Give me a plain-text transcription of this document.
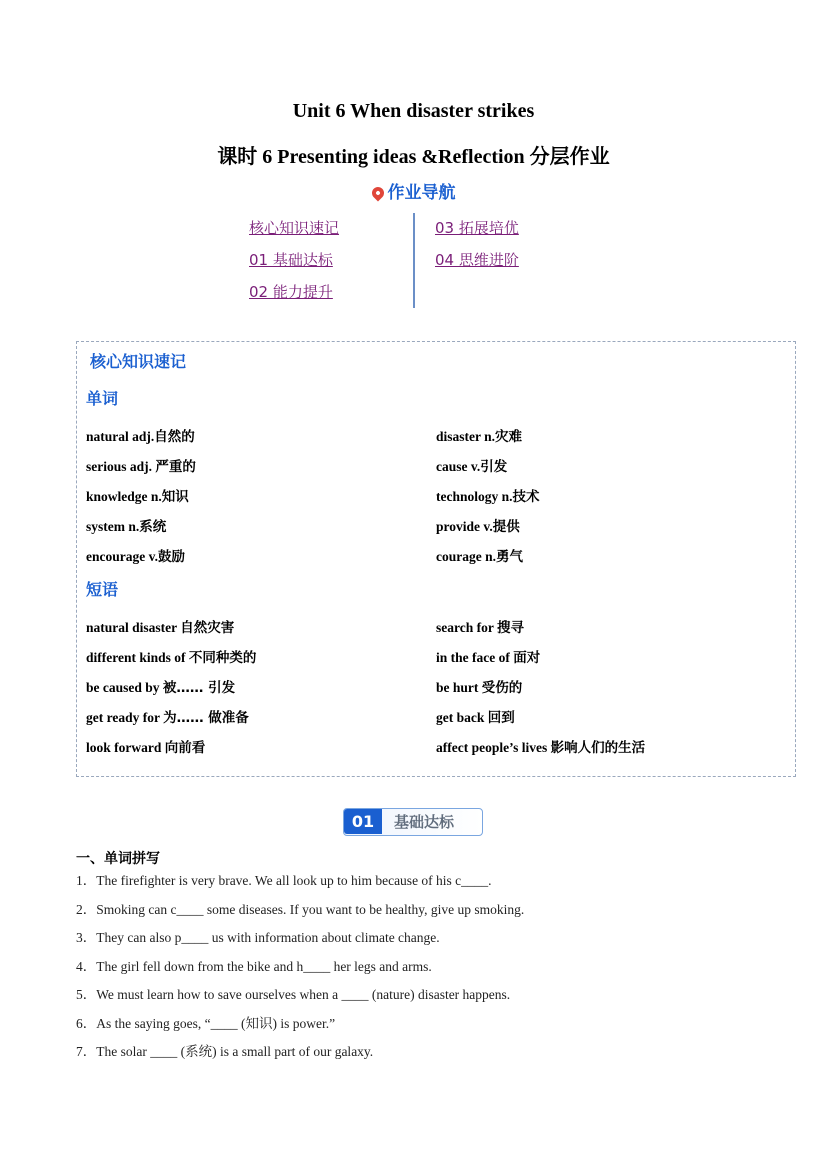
Unit 6 When disaster strikes
课时 6 Presenting ideas &Reflection 分层作业
作业导航
核心知识速记
01 基础达标
02 能力提升
03 拓展培优
04 思维进阶
核心知识速记
单词
natural adj.自然的	disaster n.灾难
serious adj. 严重的	cause v.引发
knowledge n.知识	technology n.技术
system n.系统	provide v.提供
encourage v.鼓励	courage n.勇气
短语
natural disaster 自然灾害	search for 搜寻
different kinds of 不同种类的	in the face of 面对
be caused by 被…… 引发	be hurt 受伤的
get ready for 为…… 做准备	get back 回到
look forward 向前看	affect people’s lives 影响人们的生活
01	基础达标
一、单词拼写
1．The firefighter is very brave. We all look up to him because of his c____.
2．Smoking can c____ some diseases. If you want to be healthy, give up smoking.
3．They can also p____ us with information about climate change.
4．The girl fell down from the bike and h____ her legs and arms.
5．We must learn how to save ourselves when a ____ (nature) disaster happens.
6．As the saying goes, “____ (知识) is power.”
7．The solar ____ (系统) is a small part of our galaxy.
